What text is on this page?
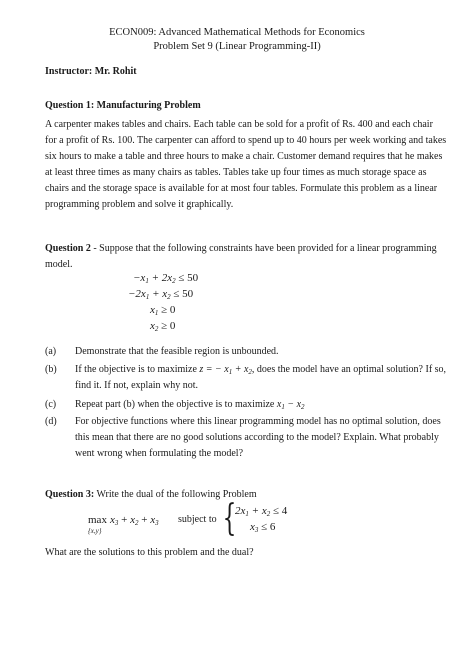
ECON009: Advanced Mathematical Methods for Economics
Problem Set 9 (Linear Programming-II)
Instructor: Mr. Rohit
Question 1: Manufacturing Problem
A carpenter makes tables and chairs. Each table can be sold for a profit of Rs. 400 and each chair
for a profit of Rs. 100. The carpenter can afford to spend up to 40 hours per week working and takes
six hours to make a table and three hours to make a chair. Customer demand requires that he makes
at least three times as many chairs as tables. Tables take up four times as much storage space as
chairs and the storage space is available for at most four tables. Formulate this problem as a linear
programming problem and solve it graphically.
Question 2 - Suppose that the following constraints have been provided for a linear programming
model.
$-x_1 + 2x_2 \le 50$
$-2x_1 + x_2 \le 50$
$x_1 \ge 0$
$x_2 \ge 0$
(a) Demonstrate that the feasible region is unbounded.
(b) If the objective is to maximize z = − $x_1 + x_2$, does the model have an optimal solution? If so,
find it. If not, explain why not.
(c) Repeat part (b) when the objective is to maximize $x_1 - x_2$
(d) For objective functions where this linear programming model has no optimal solution, does
this mean that there are no good solutions according to the model? Explain. What probably
went wrong when formulating the model?
Question 3: Write the dual of the following Problem
max
{x,y}
$x_3 + x_2 + x_3$ subject to {
$2x_1 + x_2 \le 4$
$x_3 \le 6$
What are the solutions to this problem and the dual?
